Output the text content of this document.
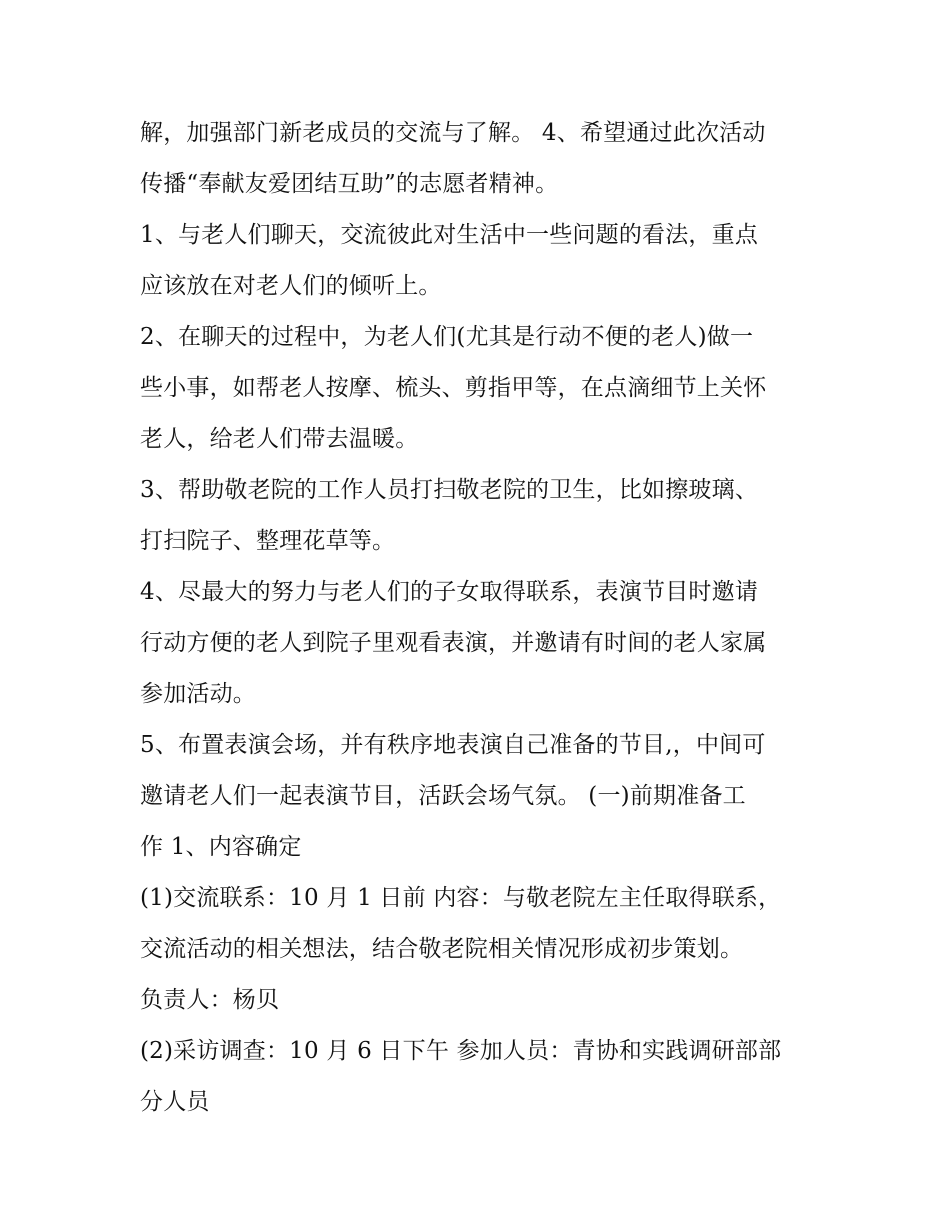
解，加强部门新老成员的交流与了解。 4、希望通过此次活动
传播“奉献友爱团结互助”的志愿者精神。
1、与老人们聊天，交流彼此对生活中一些问题的看法，重点
应该放在对老人们的倾听上。
2、在聊天的过程中，为老人们(尤其是行动不便的老人)做一
些小事，如帮老人按摩、梳头、剪指甲等，在点滴细节上关怀
老人，给老人们带去温暖。
3、帮助敬老院的工作人员打扫敬老院的卫生，比如擦玻璃、
打扫院子、整理花草等。
4、尽最大的努力与老人们的子女取得联系，表演节目时邀请
行动方便的老人到院子里观看表演，并邀请有时间的老人家属
参加活动。
5、布置表演会场，并有秩序地表演自己准备的节目,，中间可
邀请老人们一起表演节目，活跃会场气氛。 (一)前期准备工
作 1、内容确定
(1)交流联系：10 月 1 日前 内容：与敬老院左主任取得联系，
交流活动的相关想法，结合敬老院相关情况形成初步策划。
负责人：杨贝
(2)采访调查：10 月 6 日下午 参加人员：青协和实践调研部部
分人员
